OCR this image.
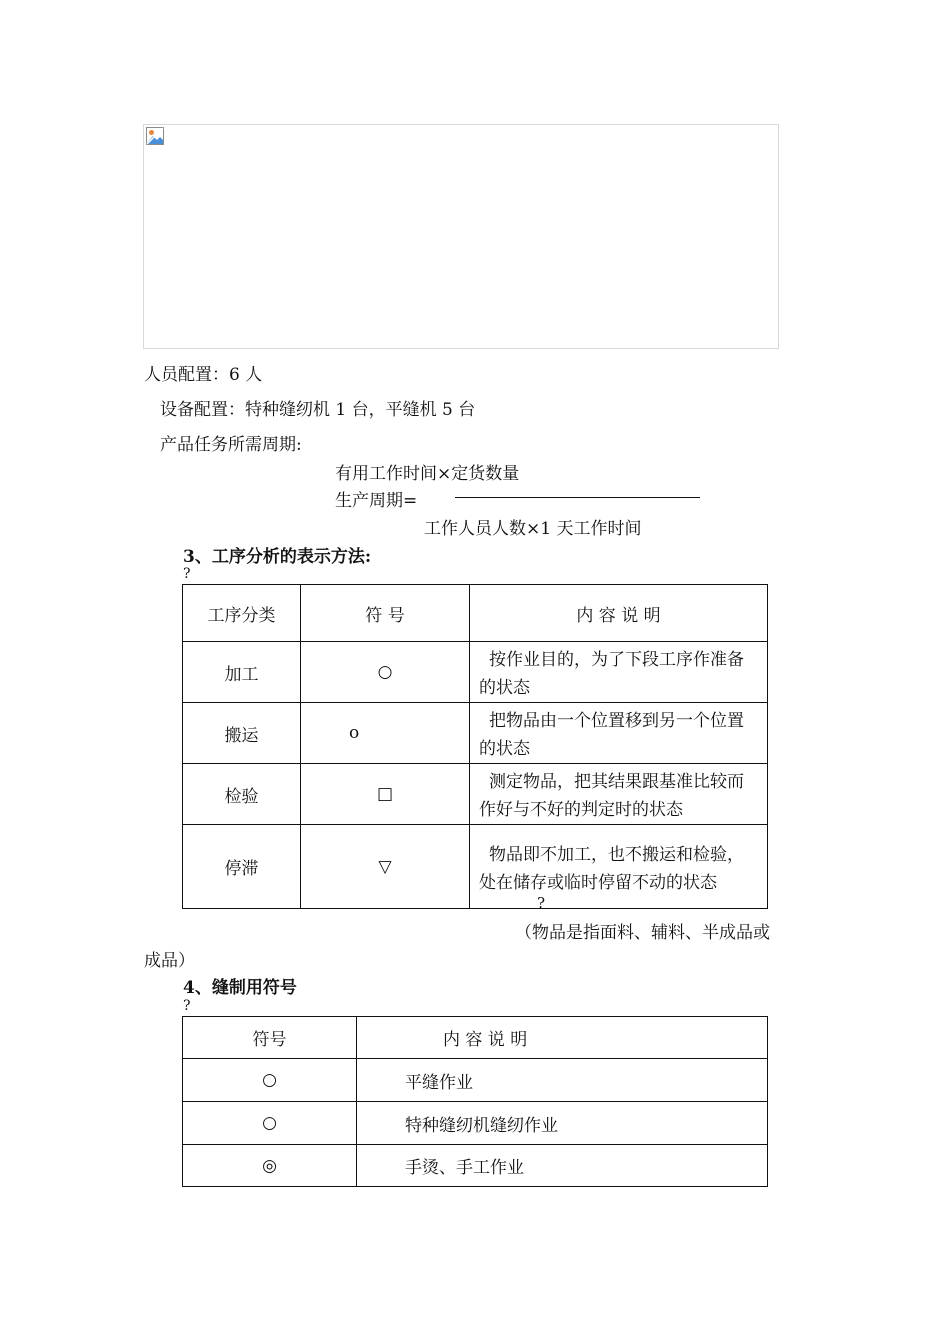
人员配置：6 人
设备配置：特种缝纫机 1 台，平缝机 5 台
产品任务所需周期:
有用工作时间×定货数量
生产周期=
工作人员人数×1 天工作时间
3、工序分析的表示方法:
?
工序分类	符 号	内 容 说 明
加工	○	按作业目的，为了下段工序作准备的状态
搬运	o	把物品由一个位置移到另一个位置的状态
检验	□	测定物品，把其结果跟基准比较而作好与不好的判定时的状态
停滞	▽	物品即不加工，也不搬运和检验，处在储存或临时停留不动的状态
?
（物品是指面料、辅料、半成品或
成品）
4、缝制用符号
?
符号	内 容 说 明
○	平缝作业
○	特种缝纫机缝纫作业
◎	手烫、手工作业
